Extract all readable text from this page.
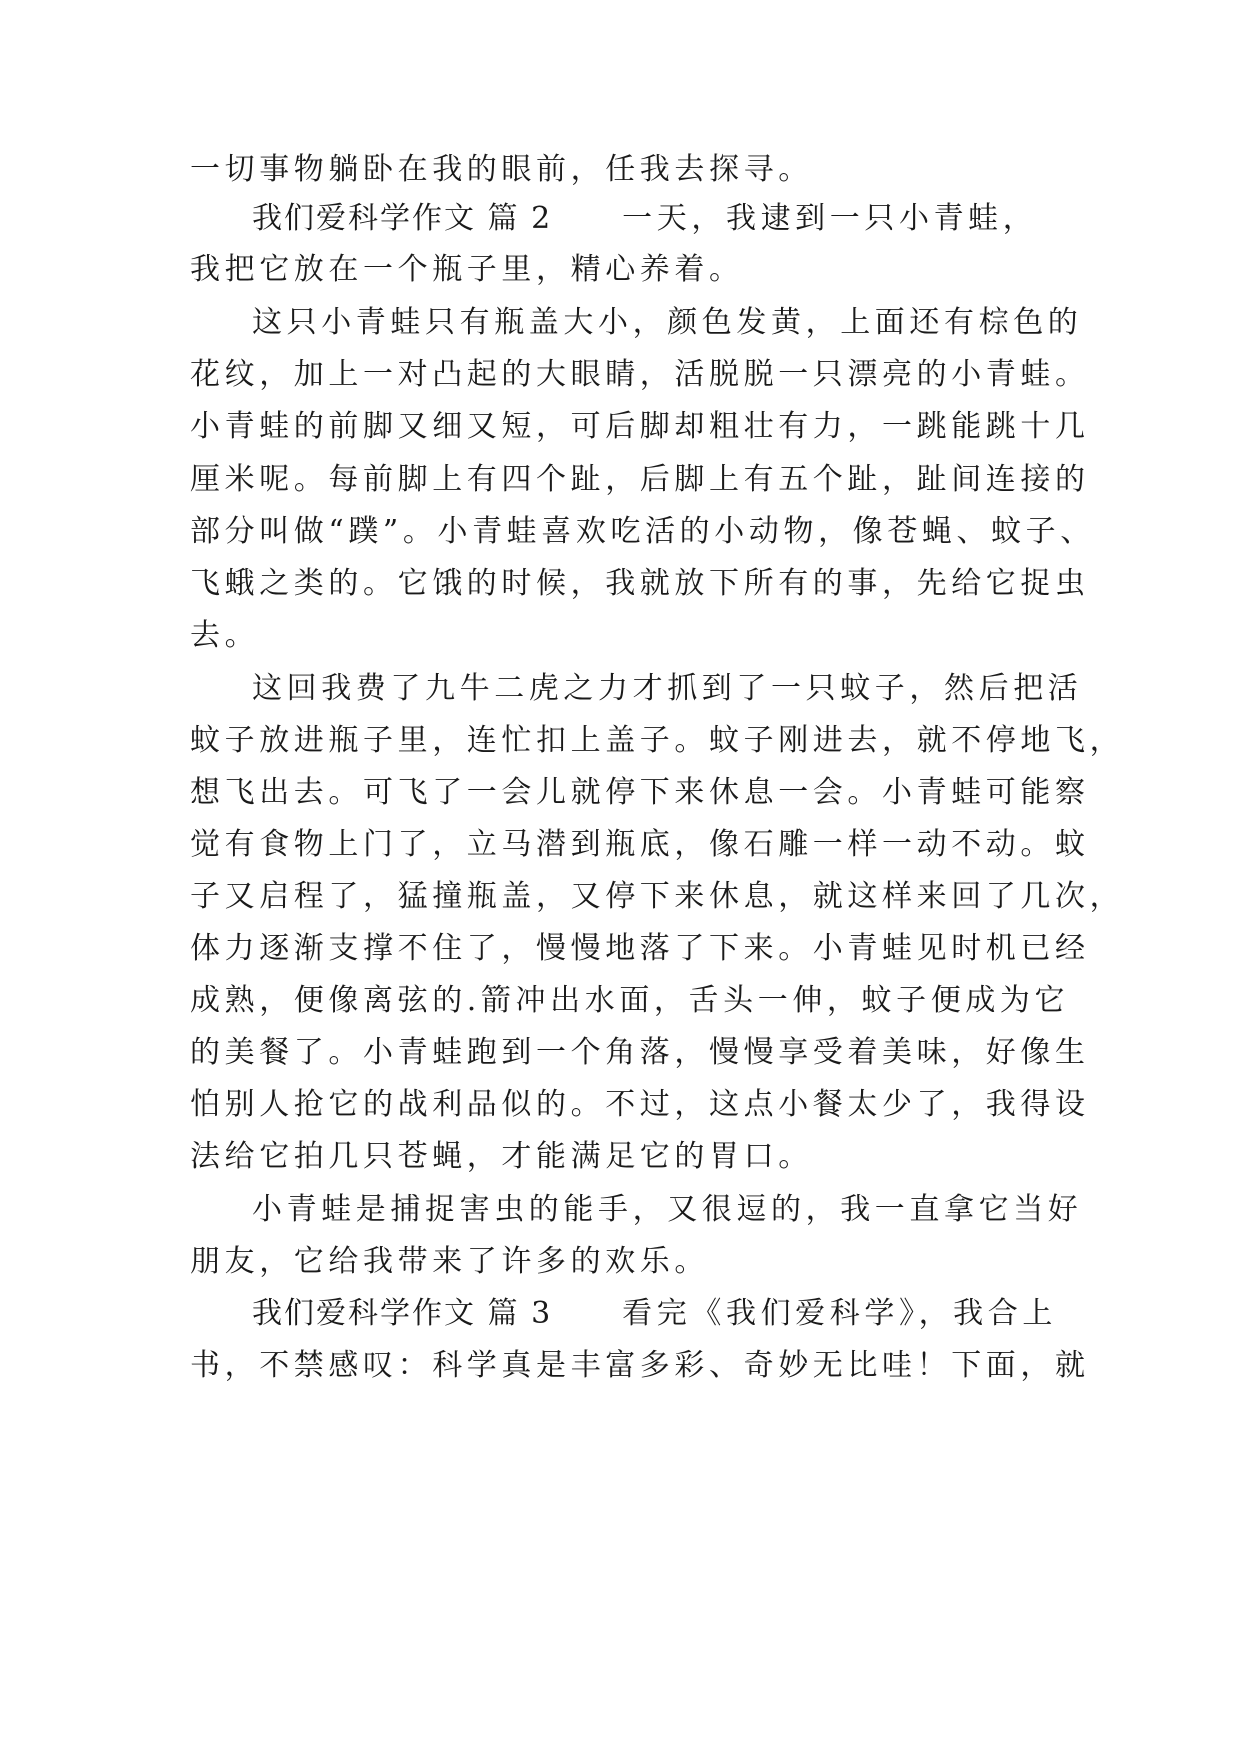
一切事物躺卧在我的眼前，任我去探寻。
我们爱科学作文 篇 2 一天，我逮到一只小青蛙，
我把它放在一个瓶子里，精心养着。
这只小青蛙只有瓶盖大小，颜色发黄，上面还有棕色的
花纹，加上一对凸起的大眼睛，活脱脱一只漂亮的小青蛙。
小青蛙的前脚又细又短，可后脚却粗壮有力，一跳能跳十几
厘米呢。每前脚上有四个趾，后脚上有五个趾，趾间连接的
部分叫做“蹼”。小青蛙喜欢吃活的小动物，像苍蝇、蚊子、
飞蛾之类的。它饿的时候，我就放下所有的事，先给它捉虫
去。
这回我费了九牛二虎之力才抓到了一只蚊子，然后把活
蚊子放进瓶子里，连忙扣上盖子。蚊子刚进去，就不停地飞，
想飞出去。可飞了一会儿就停下来休息一会。小青蛙可能察
觉有食物上门了，立马潜到瓶底，像石雕一样一动不动。蚊
子又启程了，猛撞瓶盖，又停下来休息，就这样来回了几次，
体力逐渐支撑不住了，慢慢地落了下来。小青蛙见时机已经
成熟，便像离弦的.箭冲出水面，舌头一伸，蚊子便成为它
的美餐了。小青蛙跑到一个角落，慢慢享受着美味，好像生
怕别人抢它的战利品似的。不过，这点小餐太少了，我得设
法给它拍几只苍蝇，才能满足它的胃口。
小青蛙是捕捉害虫的能手，又很逗的，我一直拿它当好
朋友，它给我带来了许多的欢乐。
我们爱科学作文 篇 3 看完《我们爱科学》，我合上
书，不禁感叹：科学真是丰富多彩、奇妙无比哇！下面，就
